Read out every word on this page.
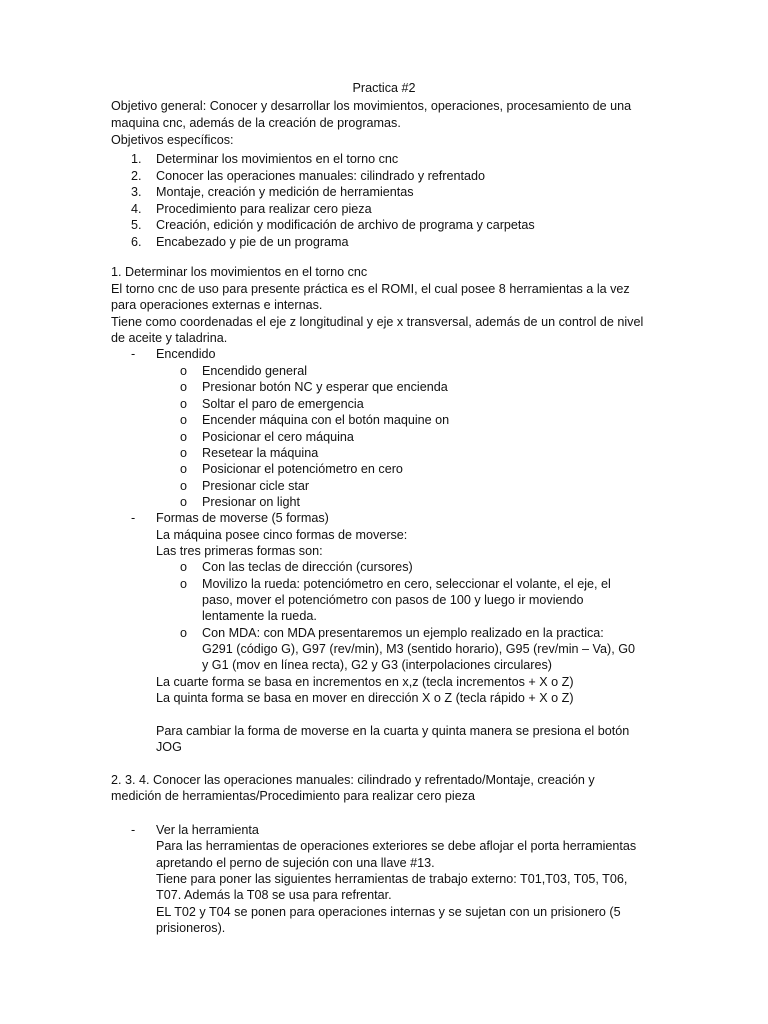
Practica #2
Objetivo general: Conocer y desarrollar los movimientos, operaciones, procesamiento de una
maquina cnc, además de la creación de programas.
Objetivos específicos:
1. Determinar los movimientos en el torno cnc
2. Conocer las operaciones manuales: cilindrado y refrentado
3. Montaje, creación y medición de herramientas
4. Procedimiento para realizar cero pieza
5. Creación, edición y modificación de archivo de programa y carpetas
6. Encabezado y pie de un programa
1. Determinar los movimientos en el torno cnc
El torno cnc de uso para presente práctica es el ROMI, el cual posee 8 herramientas a la vez
para operaciones externas e internas.
Tiene como coordenadas el eje z longitudinal y eje x transversal, además de un control de nivel
de aceite y taladrina.
- Encendido
o Encendido general
o Presionar botón NC y esperar que encienda
o Soltar el paro de emergencia
o Encender máquina con el botón maquine on
o Posicionar el cero máquina
o Resetear la máquina
o Posicionar el potenciómetro en cero
o Presionar cicle star
o Presionar on light
- Formas de moverse (5 formas)
La máquina posee cinco formas de moverse:
Las tres primeras formas son:
o Con las teclas de dirección (cursores)
o Movilizo la rueda: potenciómetro en cero, seleccionar el volante, el eje, el
paso, mover el potenciómetro con pasos de 100 y luego ir moviendo
lentamente la rueda.
o Con MDA: con MDA presentaremos un ejemplo realizado en la practica:
G291 (código G), G97 (rev/min), M3 (sentido horario), G95 (rev/min – Va), G0
y G1 (mov en línea recta), G2 y G3 (interpolaciones circulares)
La cuarte forma se basa en incrementos en x,z (tecla incrementos + X o Z)
La quinta forma se basa en mover en dirección X o Z (tecla rápido + X o Z)
Para cambiar la forma de moverse en la cuarta y quinta manera se presiona el botón
JOG
2. 3. 4. Conocer las operaciones manuales: cilindrado y refrentado/Montaje, creación y
medición de herramientas/Procedimiento para realizar cero pieza
- Ver la herramienta
Para las herramientas de operaciones exteriores se debe aflojar el porta herramientas
apretando el perno de sujeción con una llave #13.
Tiene para poner las siguientes herramientas de trabajo externo: T01,T03, T05, T06,
T07. Además la T08 se usa para refrentar.
EL T02 y T04 se ponen para operaciones internas y se sujetan con un prisionero (5
prisioneros).
